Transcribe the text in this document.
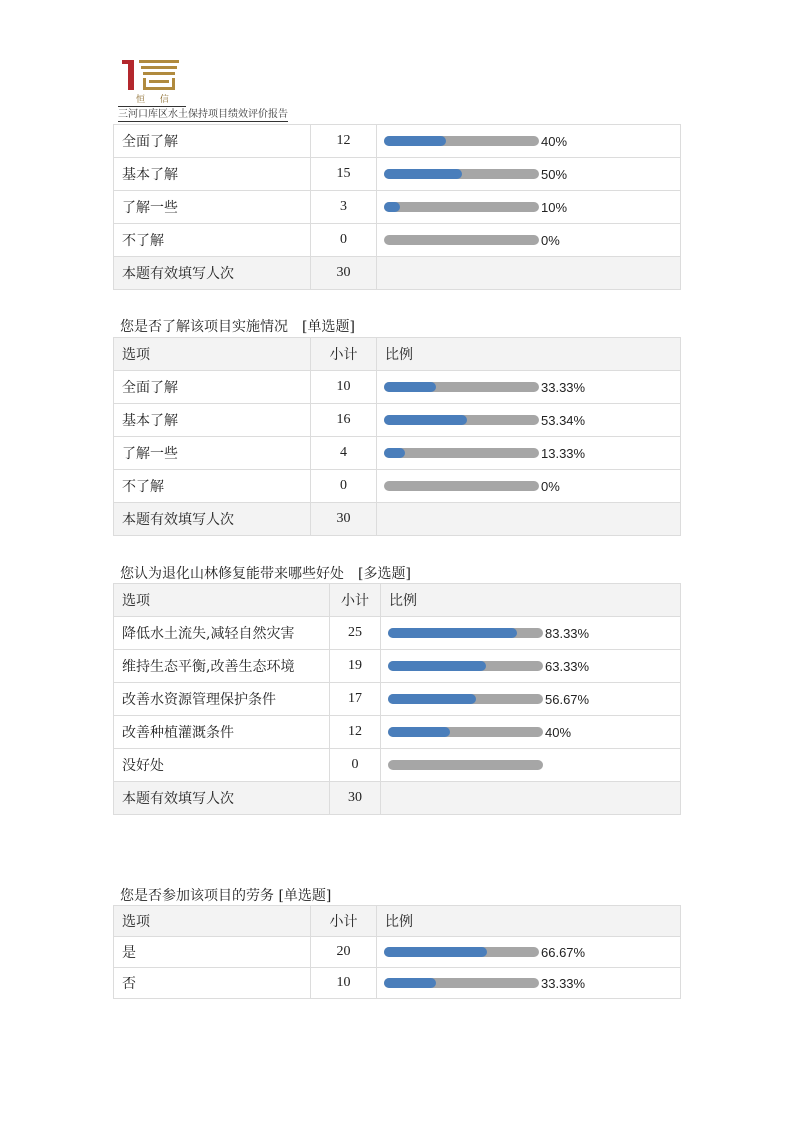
恒 信
三河口库区水土保持项目绩效评价报告
全面了解	12	40%
基本了解	15	50%
了解一些	3	10%
不了解	0	0%
本题有效填写人次	30	
您是否了解该项目实施情况　[单选题]
选项	小计	比例
全面了解	10	33.33%
基本了解	16	53.34%
了解一些	4	13.33%
不了解	0	0%
本题有效填写人次	30	
您认为退化山林修复能带来哪些好处　[多选题]
选项	小计	比例
降低水土流失,减轻自然灾害	25	83.33%
维持生态平衡,改善生态环境	19	63.33%
改善水资源管理保护条件	17	56.67%
改善种植灌溉条件	12	40%
没好处	0	
本题有效填写人次	30	
您是否参加该项目的劳务 [单选题]
选项	小计	比例
是	20	66.67%
否	10	33.33%
